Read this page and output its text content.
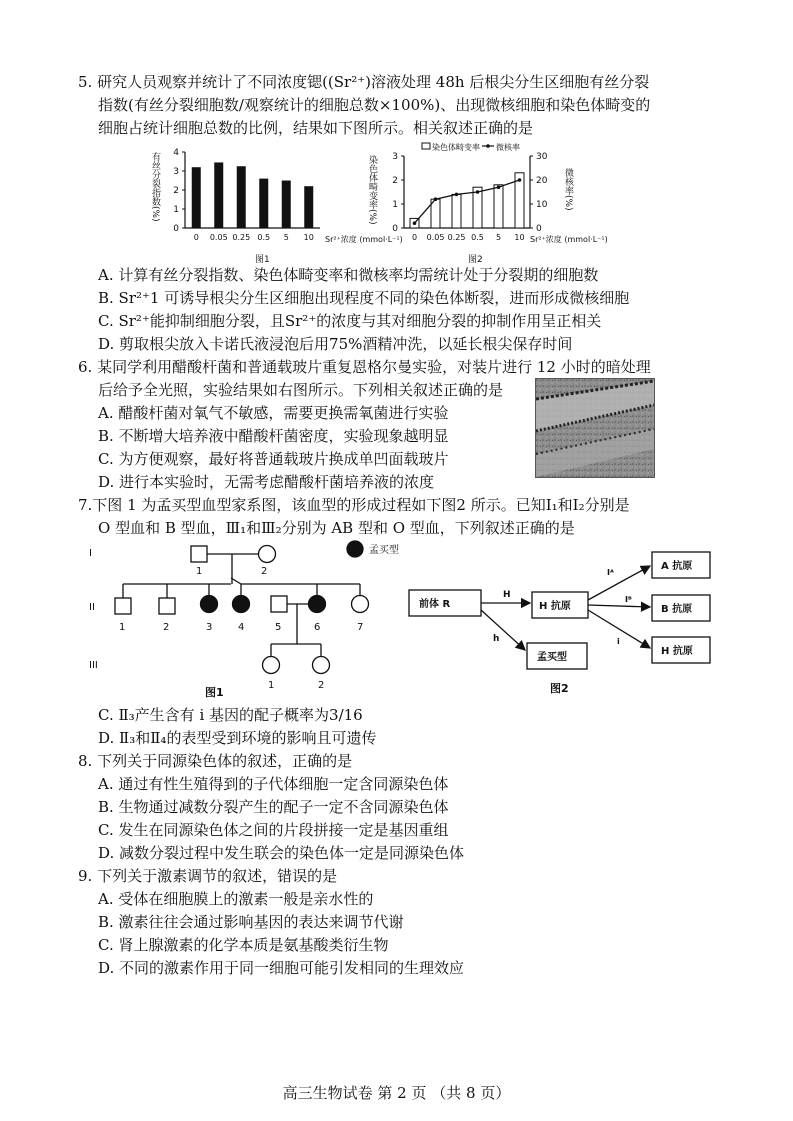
5. 研究人员观察并统计了不同浓度锶((Sr²⁺)溶液处理 48h 后根尖分生区细胞有丝分裂
指数(有丝分裂细胞数/观察统计的细胞总数×100%)、出现微核细胞和染色体畸变的
细胞占统计细胞总数的比例，结果如下图所示。相关叙述正确的是
有丝分裂指数(%)
0
1
2
3
4
0 0.05 0.25 0.5 5 10 Sr²⁺浓度 (mmol·L⁻¹)
图1
染色体畸变率 微核率
染色体畸变率(%)	微核率(%)
0
1
2
3
0
10
20
30
0 0.05 0.25 0.5 5 10 Sr²⁺浓度 (mmol·L⁻¹)
图2
A. 计算有丝分裂指数、染色体畸变率和微核率均需统计处于分裂期的细胞数
B. Sr²⁺1 可诱导根尖分生区细胞出现程度不同的染色体断裂，进而形成微核细胞
C. Sr²⁺能抑制细胞分裂，且Sr²⁺的浓度与其对细胞分裂的抑制作用呈正相关
D. 剪取根尖放入卡诺氏液浸泡后用75%酒精冲洗，以延长根尖保存时间
6. 某同学利用醋酸杆菌和普通载玻片重复恩格尔曼实验，对装片进行 12 小时的暗处理
后给予全光照，实验结果如右图所示。下列相关叙述正确的是
A. 醋酸杆菌对氧气不敏感，需要更换需氧菌进行实验
B. 不断增大培养液中醋酸杆菌密度，实验现象越明显
C. 为方便观察，最好将普通载玻片换成单凹面载玻片
D. 进行本实验时，无需考虑醋酸杆菌培养液的浓度
7.下图 1 为孟买型血型家系图，该血型的形成过程如下图2 所示。已知Ⅰ₁和Ⅰ₂分别是
O 型血和 B 型血，Ⅲ₁和Ⅲ₂分别为 AB 型和 O 型血，下列叙述正确的是
孟买型
I
II
III
1	2
1	2	3	4	5	6	7
1	2
图1
前体 R	H 抗原
孟买型
A 抗原
B 抗原
H 抗原
H
h
Iᴬ
Iᴮ
i
图2
C. Ⅱ₃产生含有 i 基因的配子概率为3/16
D. Ⅱ₃和Ⅱ₄的表型受到环境的影响且可遗传
8. 下列关于同源染色体的叙述，正确的是
A. 通过有性生殖得到的子代体细胞一定含同源染色体
B. 生物通过减数分裂产生的配子一定不含同源染色体
C. 发生在同源染色体之间的片段拼接一定是基因重组
D. 减数分裂过程中发生联会的染色体一定是同源染色体
9. 下列关于激素调节的叙述，错误的是
A. 受体在细胞膜上的激素一般是亲水性的
B. 激素往往会通过影响基因的表达来调节代谢
C. 肾上腺激素的化学本质是氨基酸类衍生物
D. 不同的激素作用于同一细胞可能引发相同的生理效应
高三生物试卷 第 2 页 （共 8 页）
